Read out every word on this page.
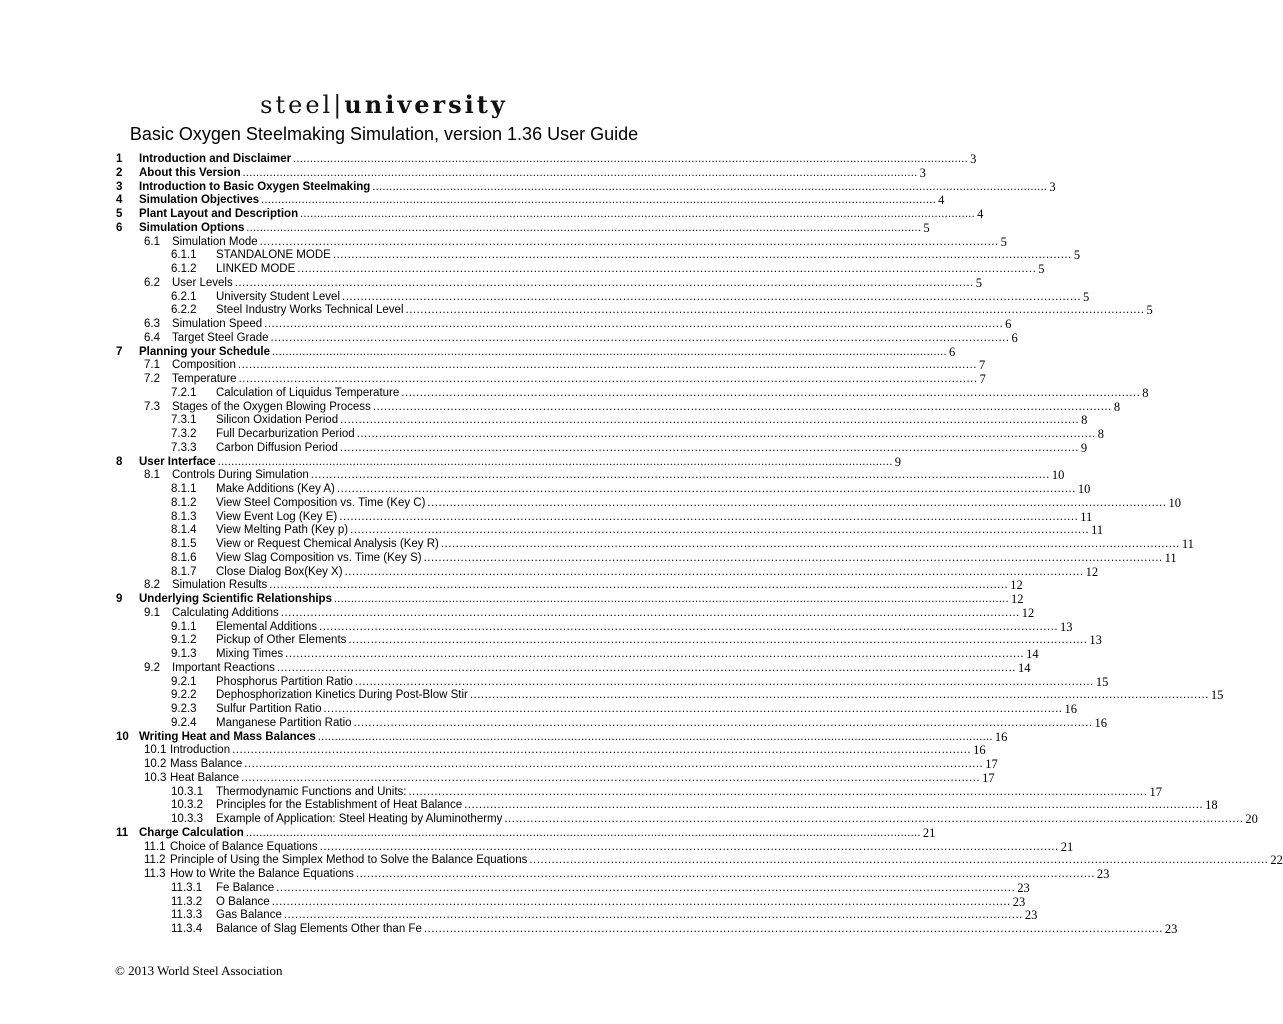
steel|university
Basic Oxygen Steelmaking Simulation, version 1.36 User Guide
1	Introduction and Disclaimer ........................................................................................................................................................................................................ 3
2	About this Version ........................................................................................................................................................................................................ 3
3	Introduction to Basic Oxygen Steelmaking ........................................................................................................................................................................................................ 3
4	Simulation Objectives ........................................................................................................................................................................................................ 4
5	Plant Layout and Description ........................................................................................................................................................................................................ 4
6	Simulation Options ........................................................................................................................................................................................................ 5
6.1	Simulation Mode ........................................................................................................................................................................................................ 5
6.1.1	STANDALONE MODE ........................................................................................................................................................................................................ 5
6.1.2	LINKED MODE ........................................................................................................................................................................................................ 5
6.2	User Levels ........................................................................................................................................................................................................ 5
6.2.1	University Student Level ........................................................................................................................................................................................................ 5
6.2.2	Steel Industry Works Technical Level ........................................................................................................................................................................................................ 5
6.3	Simulation Speed ........................................................................................................................................................................................................ 6
6.4	Target Steel Grade ........................................................................................................................................................................................................ 6
7	Planning your Schedule ........................................................................................................................................................................................................ 6
7.1	Composition ........................................................................................................................................................................................................ 7
7.2	Temperature ........................................................................................................................................................................................................ 7
7.2.1	Calculation of Liquidus Temperature ........................................................................................................................................................................................................ 8
7.3	Stages of the Oxygen Blowing Process ........................................................................................................................................................................................................ 8
7.3.1	Silicon Oxidation Period ........................................................................................................................................................................................................ 8
7.3.2	Full Decarburization Period ........................................................................................................................................................................................................ 8
7.3.3	Carbon Diffusion Period ........................................................................................................................................................................................................ 9
8	User Interface ........................................................................................................................................................................................................ 9
8.1	Controls During Simulation ........................................................................................................................................................................................................ 10
8.1.1	Make Additions (Key A) ........................................................................................................................................................................................................ 10
8.1.2	View Steel Composition vs. Time (Key C) ........................................................................................................................................................................................................ 10
8.1.3	View Event Log (Key E) ........................................................................................................................................................................................................ 11
8.1.4	View Melting Path (Key p) ........................................................................................................................................................................................................ 11
8.1.5	View or Request Chemical Analysis (Key R) ........................................................................................................................................................................................................ 11
8.1.6	View Slag Composition vs. Time (Key S) ........................................................................................................................................................................................................ 11
8.1.7	Close Dialog Box(Key X) ........................................................................................................................................................................................................ 12
8.2	Simulation Results ........................................................................................................................................................................................................ 12
9	Underlying Scientific Relationships ........................................................................................................................................................................................................ 12
9.1	Calculating Additions ........................................................................................................................................................................................................ 12
9.1.1	Elemental Additions ........................................................................................................................................................................................................ 13
9.1.2	Pickup of Other Elements ........................................................................................................................................................................................................ 13
9.1.3	Mixing Times ........................................................................................................................................................................................................ 14
9.2	Important Reactions ........................................................................................................................................................................................................ 14
9.2.1	Phosphorus Partition Ratio ........................................................................................................................................................................................................ 15
9.2.2	Dephosphorization Kinetics During Post-Blow Stir ........................................................................................................................................................................................................ 15
9.2.3	Sulfur Partition Ratio ........................................................................................................................................................................................................ 16
9.2.4	Manganese Partition Ratio ........................................................................................................................................................................................................ 16
10 Writing Heat and Mass Balances ........................................................................................................................................................................................................ 16
10.1 Introduction ........................................................................................................................................................................................................ 16
10.2 Mass Balance ........................................................................................................................................................................................................ 17
10.3 Heat Balance ........................................................................................................................................................................................................ 17
10.3.1	Thermodynamic Functions and Units: ........................................................................................................................................................................................................ 17
10.3.2	Principles for the Establishment of Heat Balance ........................................................................................................................................................................................................ 18
10.3.3	Example of Application: Steel Heating by Aluminothermy ........................................................................................................................................................................................................ 20
11 Charge Calculation ........................................................................................................................................................................................................ 21
11.1 Choice of Balance Equations ........................................................................................................................................................................................................ 21
11.2 Principle of Using the Simplex Method to Solve the Balance Equations ........................................................................................................................................................................................................ 22
11.3 How to Write the Balance Equations ........................................................................................................................................................................................................ 23
11.3.1	Fe Balance ........................................................................................................................................................................................................ 23
11.3.2	O Balance ........................................................................................................................................................................................................ 23
11.3.3	Gas Balance ........................................................................................................................................................................................................ 23
11.3.4	Balance of Slag Elements Other than Fe ........................................................................................................................................................................................................ 23
© 2013 World Steel Association
